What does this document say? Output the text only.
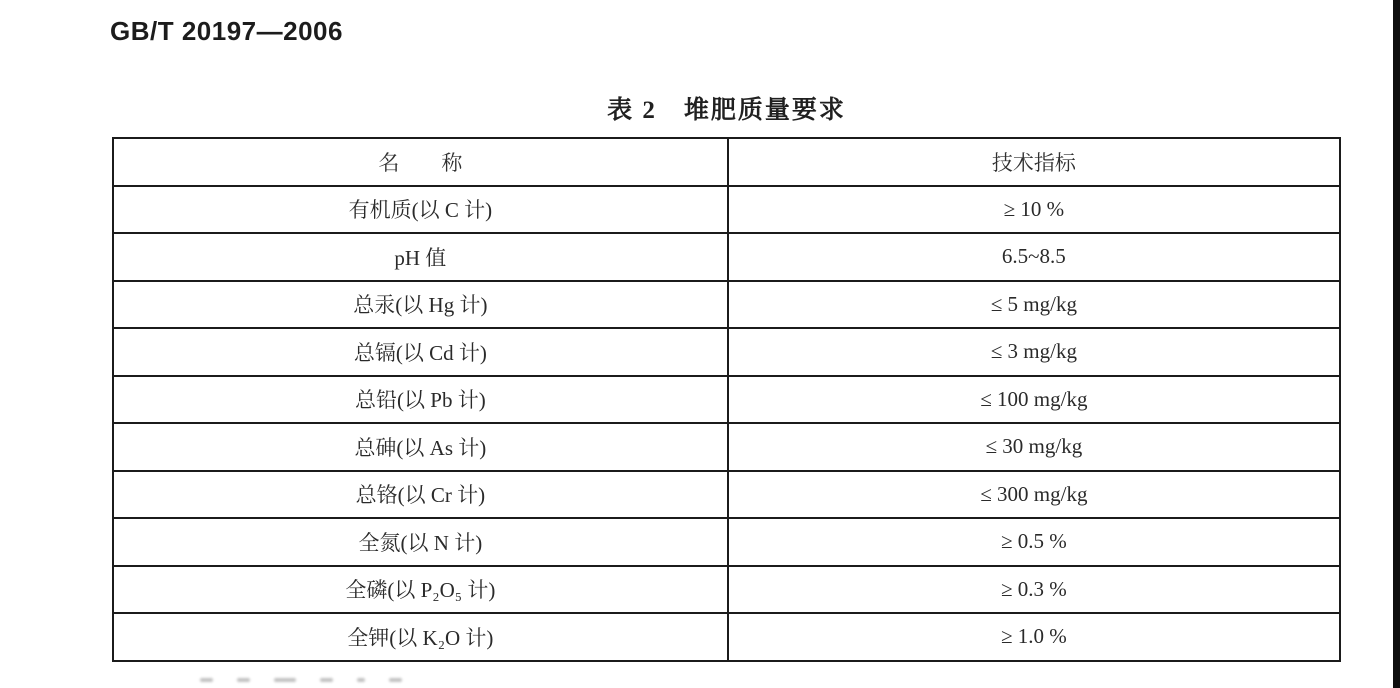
GB/T 20197—2006
表 2　堆肥质量要求
名　　称	技术指标
有机质(以 C 计)	≥ 10 %
pH 值	6.5~8.5
总汞(以 Hg 计)	≤ 5 mg/kg
总镉(以 Cd 计)	≤ 3 mg/kg
总铅(以 Pb 计)	≤ 100 mg/kg
总砷(以 As 计)	≤ 30 mg/kg
总铬(以 Cr 计)	≤ 300 mg/kg
全氮(以 N 计)	≥ 0.5 %
全磷(以 P₂O₅ 计)	≥ 0.3 %
全钾(以 K₂O 计)	≥ 1.0 %
